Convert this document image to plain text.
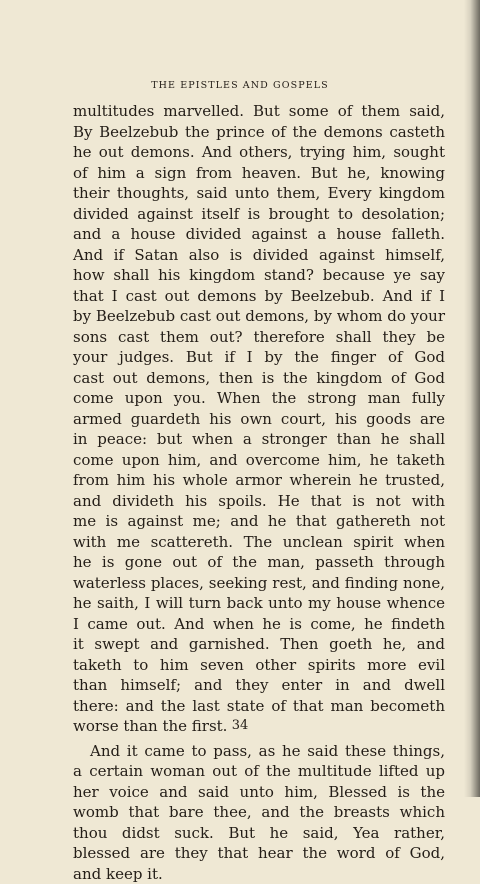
THE EPISTLES AND GOSPELS
multitudes marvelled. But some of them said,
By Beelzebub the prince of the demons casteth
he out demons. And others, trying him, sought
of him a sign from heaven. But he, knowing
their thoughts, said unto them, Every kingdom
divided against itself is brought to desolation;
and a house divided against a house falleth.
And if Satan also is divided against himself,
how shall his kingdom stand? because ye say
that I cast out demons by Beelzebub. And if I
by Beelzebub cast out demons, by whom do your
sons cast them out? therefore shall they be
your judges. But if I by the finger of God
cast out demons, then is the kingdom of God
come upon you. When the strong man fully
armed guardeth his own court, his goods are
in peace: but when a stronger than he shall
come upon him, and overcome him, he taketh
from him his whole armor wherein he trusted,
and divideth his spoils. He that is not with
me is against me; and he that gathereth not
with me scattereth. The unclean spirit when
he is gone out of the man, passeth through
waterless places, seeking rest, and finding none,
he saith, I will turn back unto my house whence
I came out. And when he is come, he findeth
it swept and garnished. Then goeth he, and
taketh to him seven other spirits more evil
than himself; and they enter in and dwell
there: and the last state of that man becometh
worse than the first.
And it came to pass, as he said these things,
a certain woman out of the multitude lifted up
her voice and said unto him, Blessed is the
womb that bare thee, and the breasts which
thou didst suck. But he said, Yea rather,
blessed are they that hear the word of God,
and keep it.
34
